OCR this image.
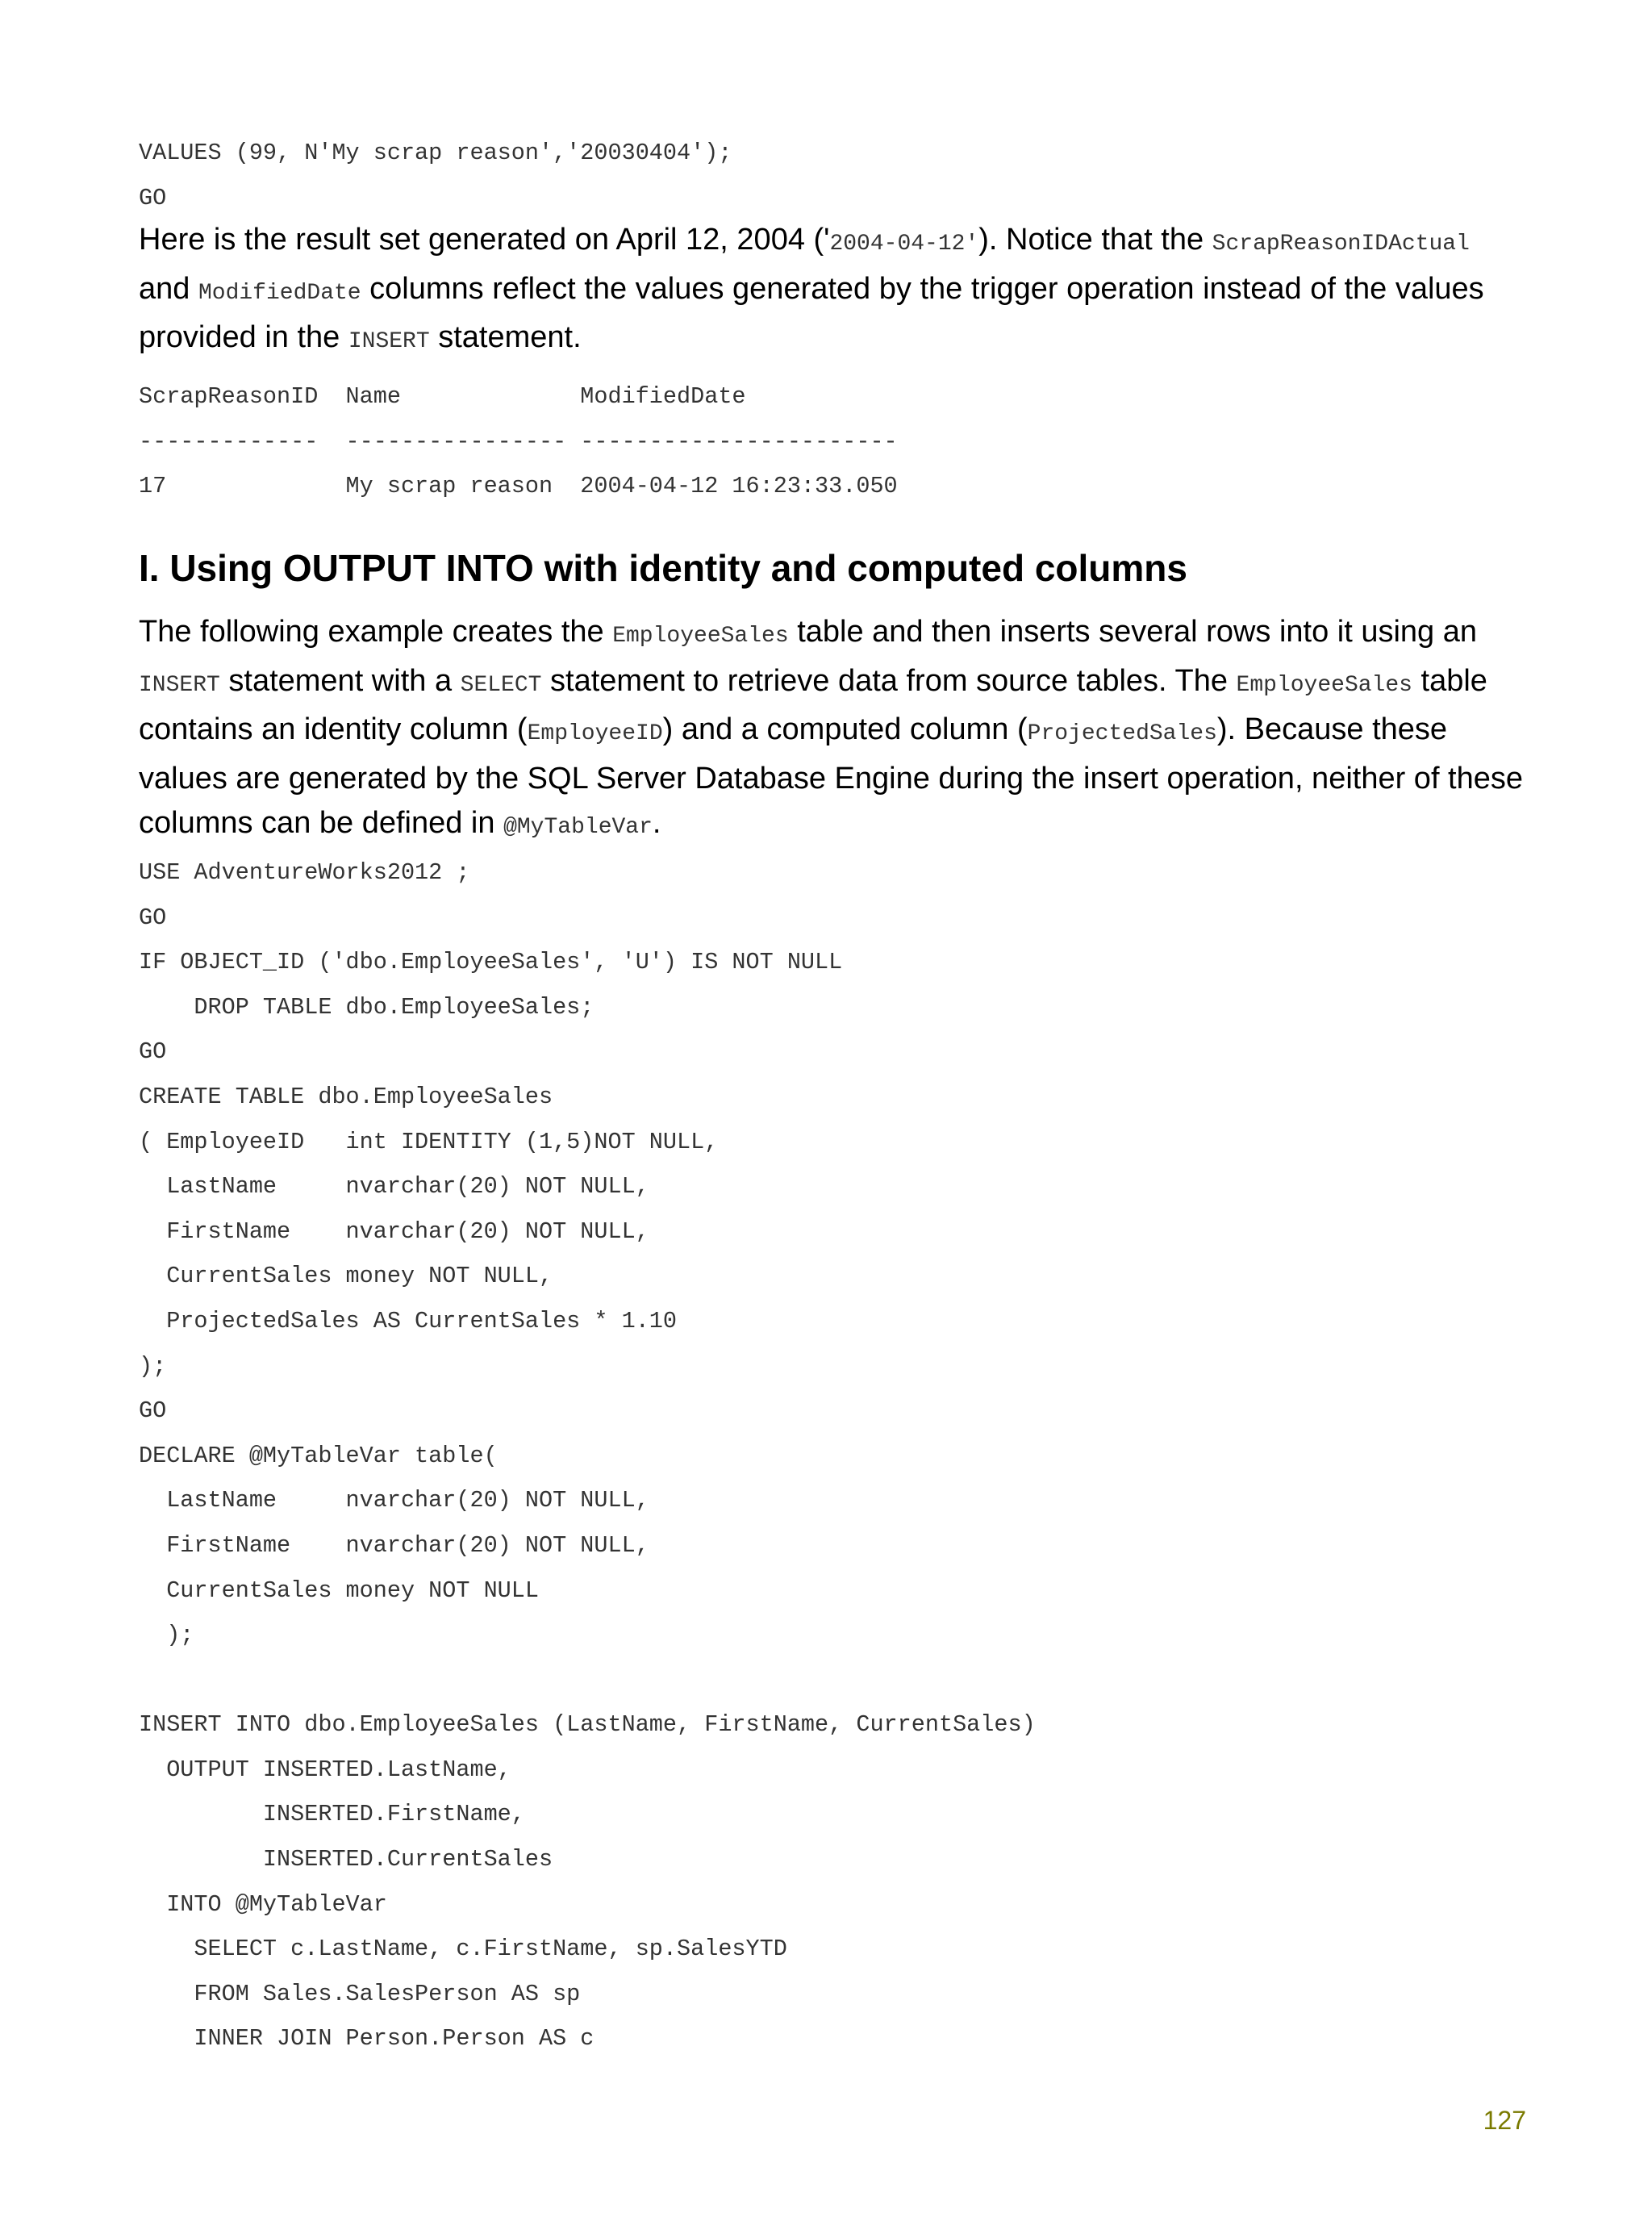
VALUES (99, N'My scrap reason','20030404');
GO

Here is the result set generated on April 12, 2004 ('2004-04-12'). Notice that the ScrapReasonIDActual and ModifiedDate columns reflect the values generated by the trigger operation instead of the values provided in the INSERT statement.

ScrapReasonID  Name             ModifiedDate
-------------  ---------------- -----------------------
17             My scrap reason  2004-04-12 16:23:33.050
I. Using OUTPUT INTO with identity and computed columns

The following example creates the EmployeeSales table and then inserts several rows into it using an INSERT statement with a SELECT statement to retrieve data from source tables. The EmployeeSales table contains an identity column (EmployeeID) and a computed column (ProjectedSales). Because these values are generated by the SQL Server Database Engine during the insert operation, neither of these columns can be defined in @MyTableVar.

USE AdventureWorks2012 ;
GO
IF OBJECT_ID ('dbo.EmployeeSales', 'U') IS NOT NULL
DROP TABLE dbo.EmployeeSales;
GO
CREATE TABLE dbo.EmployeeSales
( EmployeeID   int IDENTITY (1,5)NOT NULL,
LastName     nvarchar(20) NOT NULL,
FirstName    nvarchar(20) NOT NULL,
CurrentSales money NOT NULL,
ProjectedSales AS CurrentSales * 1.10
);
GO
DECLARE @MyTableVar table(
LastName     nvarchar(20) NOT NULL,
FirstName    nvarchar(20) NOT NULL,
CurrentSales money NOT NULL
);

INSERT INTO dbo.EmployeeSales (LastName, FirstName, CurrentSales)
OUTPUT INSERTED.LastName,
INSERTED.FirstName,
INSERTED.CurrentSales
INTO @MyTableVar
SELECT c.LastName, c.FirstName, sp.SalesYTD
FROM Sales.SalesPerson AS sp
INNER JOIN Person.Person AS c
127
